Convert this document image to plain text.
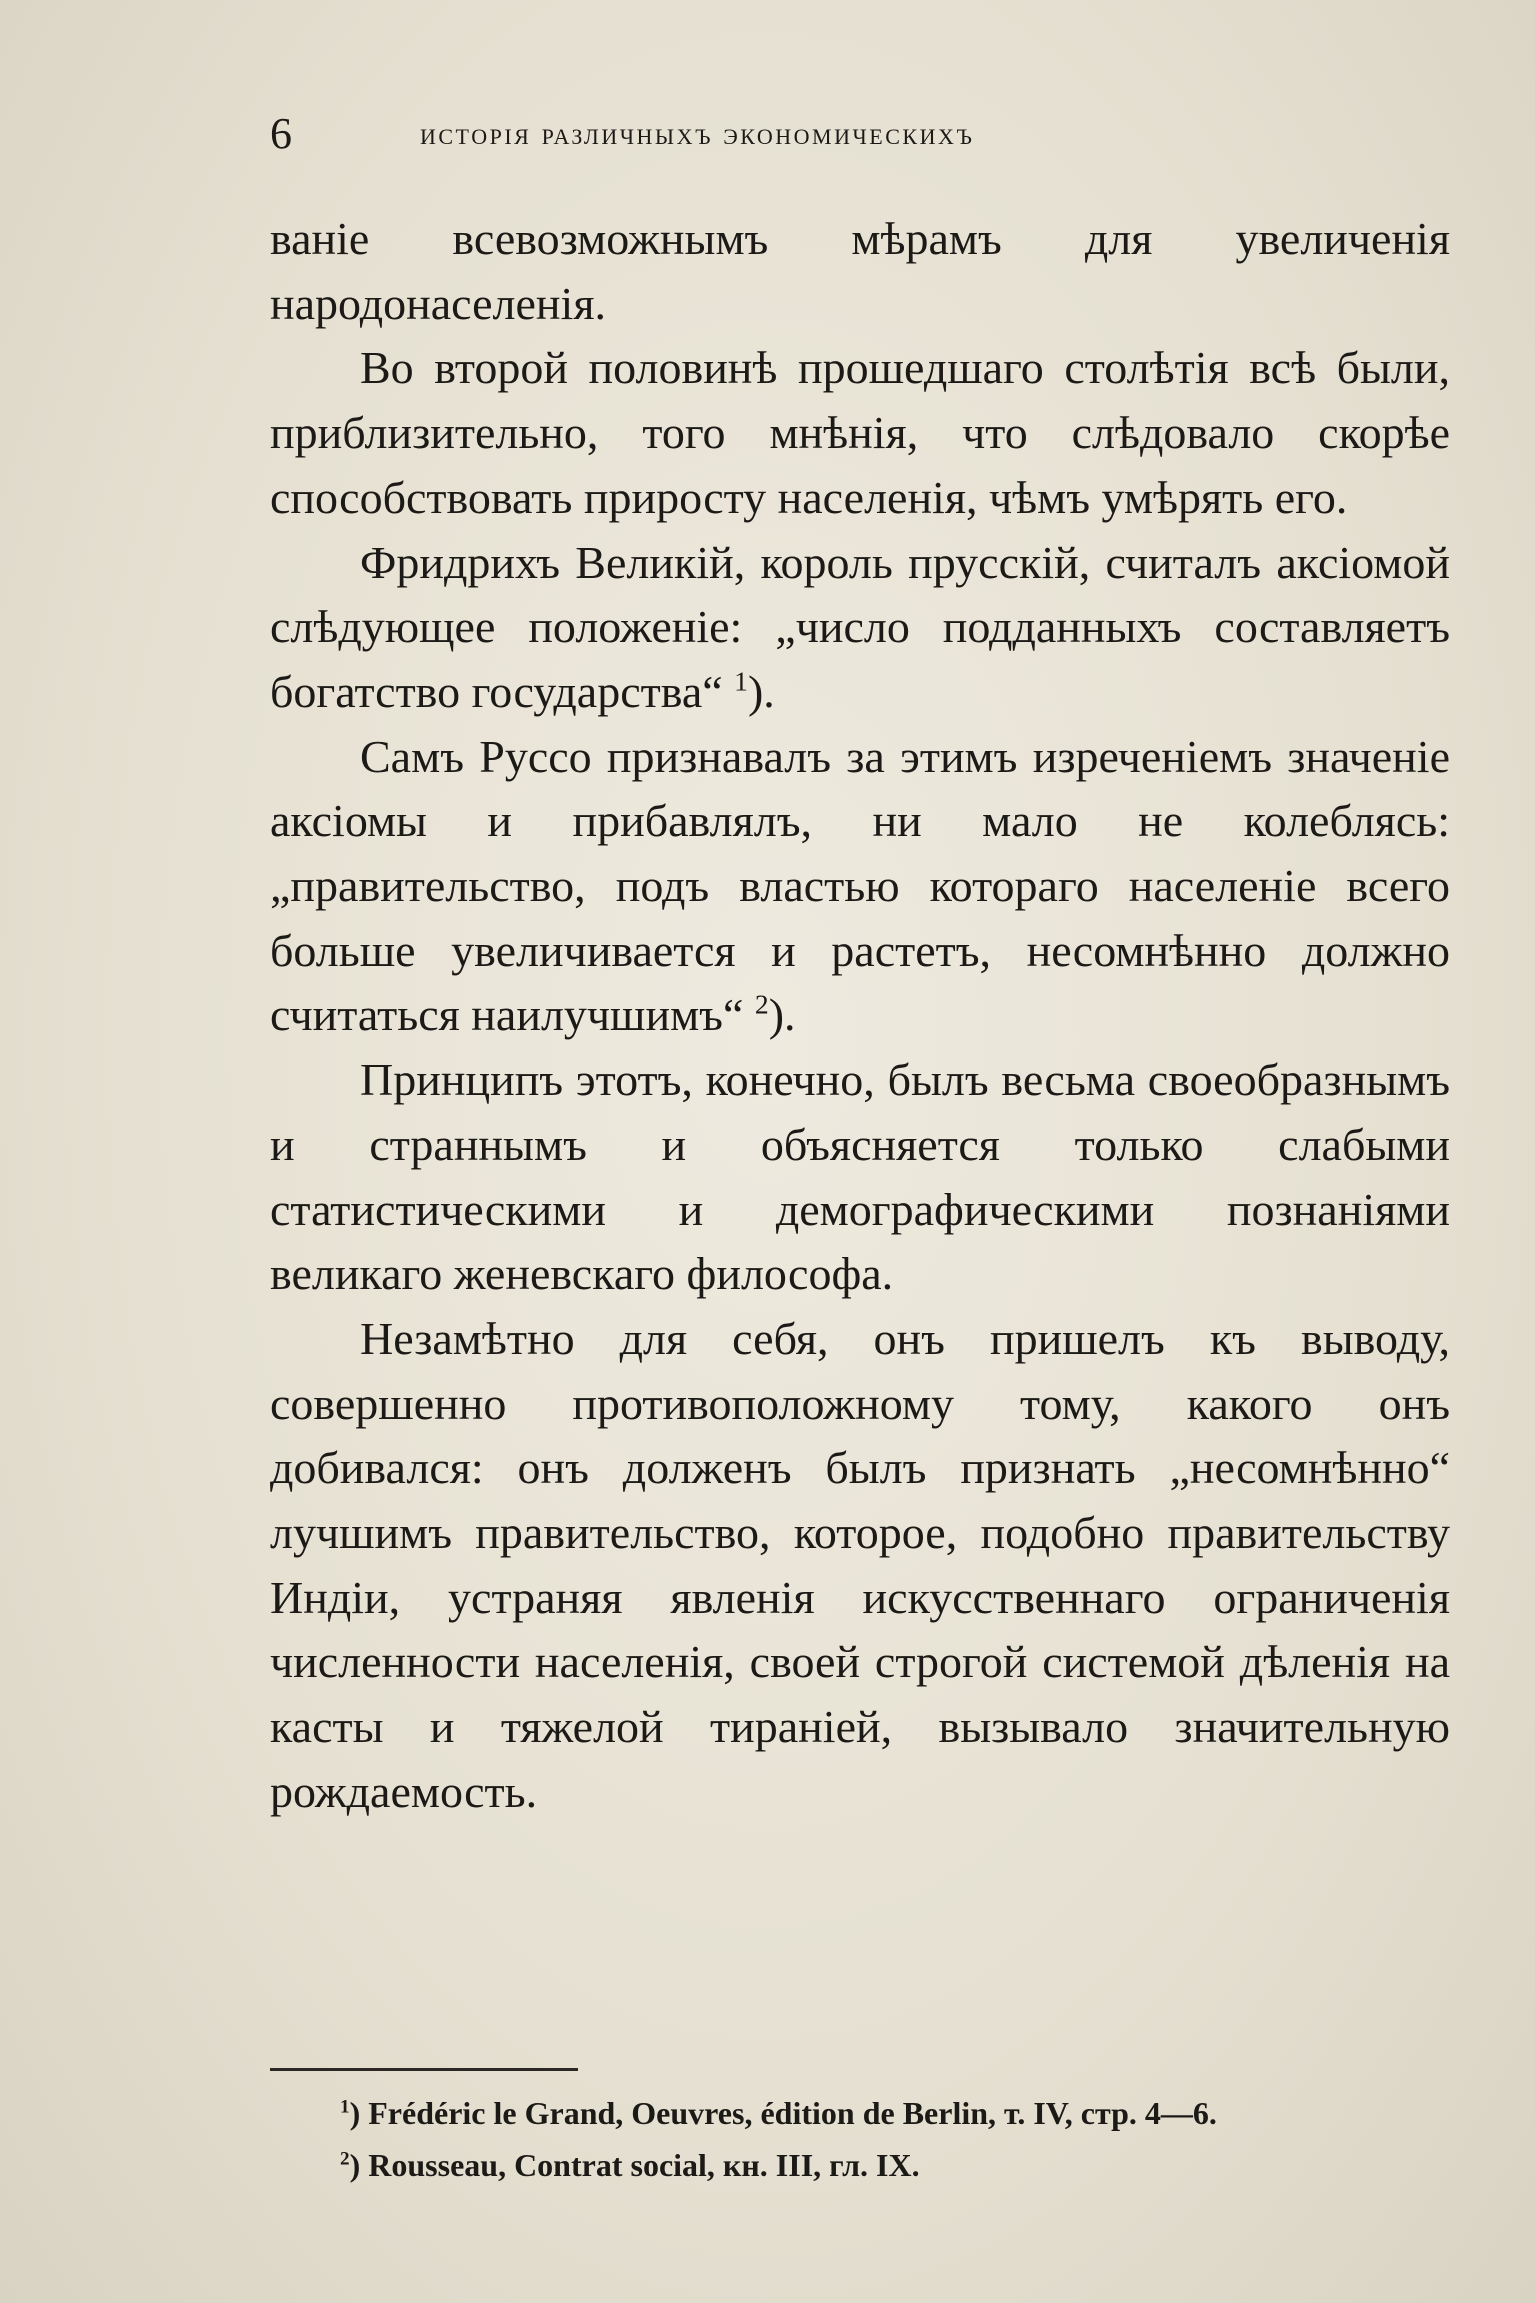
6	исторія различныхъ экономическихъ

ваніе всевозможнымъ мѣрамъ для увеличенія народонаселенія.

Во второй половинѣ прошедшаго столѣтія всѣ были, приблизительно, того мнѣнія, что слѣдовало скорѣе способствовать приросту населенія, чѣмъ умѣрять его.

Фридрихъ Великій, король прусскій, считалъ аксіомой слѣдующее положеніе: „число подданныхъ составляетъ богатство государства“ $^1$).

Самъ Руссо признавалъ за этимъ изреченіемъ значеніе аксіомы и прибавлялъ, ни мало не колеблясь: „правительство, подъ властью котораго населеніе всего больше увеличивается и растетъ, несомнѣнно должно считаться наилучшимъ“ $^2$).

Принципъ этотъ, конечно, былъ весьма своеобразнымъ и страннымъ и объясняется только слабыми статистическими и демографическими познаніями великаго женевскаго философа.

Незамѣтно для себя, онъ пришелъ къ выводу, совершенно противоположному тому, какого онъ добивался: онъ долженъ былъ признать „несомнѣнно“ лучшимъ правительство, которое, подобно правительству Индіи, устраняя явленія искусственнаго ограниченія численности населенія, своей строгой системой дѣленія на касты и тяжелой тираніей, вызывало значительную рождаемость.

$^1$) Frédéric le Grand, Oeuvres, édition de Berlin, т. IV, стр. 4—6.

$^2$) Rousseau, Contrat social, кн. III, гл. IX.
